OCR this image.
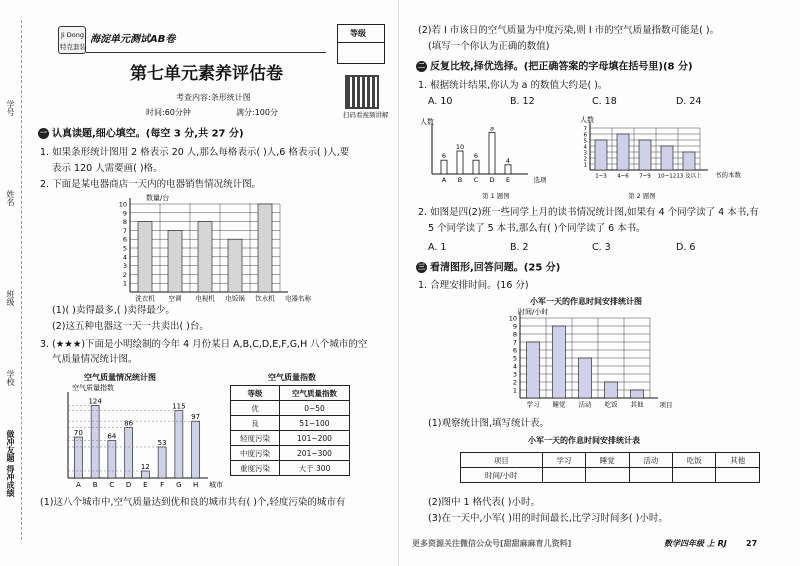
学号
姓名
班级
学校
做冲友题 得冲成绩
Ji Dong
特克套装
海淀单元测试AB卷
等级
第七单元素养评估卷
考查内容:条形统计图
时间:60分钟	满分:100分	扫码看视频讲解
一 认真读题,细心填空。(每空 3 分,共 27 分)
1. 如果条形统计图用 2 格表示 20 人,那么每格表示( )人,6 格表示( )人,要
表示 120 人需要画( )格。
2. 下面是某电器商店一天内的电器销售情况统计图。
数量/台
1
2
3
4
5
6
7
8
9
10
洗衣机 空调 电视机 电饭锅 饮水机 电器名称
(1)( )卖得最多,( )卖得最少。
(2)这五种电器这一天一共卖出( )台。
3. (★★★)下面是小明绘制的今年 4 月份某日 A,B,C,D,E,F,G,H 八个城市的空
气质量情况统计图。
空气质量情况统计图
空气质量指数
70
A
124
B
64
C
86
D
12
E
53
F
115
G
97
H 城市
空气质量指数
等级	空气质量指数
优	0~50
良	51~100
轻度污染	101~200
中度污染	201~300
重度污染	大于 300
(1)这八个城市中,空气质量达到优和良的城市共有( )个,轻度污染的城市有
(2)若 I 市该日的空气质量为中度污染,则 I 市的空气质量指数可能是( )。
(填写一个你认为正确的数值)
二 反复比较,择优选择。(把正确答案的字母填在括号里)(8 分)
1. 根据统计结果,你认为 a 的数值大约是( )。
A. 10	B. 12	C. 18	D. 24
人数
6
A
10
B
6
C
a
D
4
E	选项
人数
1
2
3
4
5
6
7
1~3 4~6 7~9 10~12 13 及以上 书的本数
第 1 题图	第 2 题图
2. 如图是四(2)班一些同学上月的读书情况统计图,如果有 4 个同学读了 4 本书,有
5 个同学读了 5 本书,那么有( )个同学读了 6 本书。
A. 1	B. 2	C. 3	D. 6
三 看清图形,回答问题。(25 分)
1. 合理安排时间。(16 分)
小军一天的作息时间安排统计图
时间/小时
1
2
3
4
5
6
7
8
9
10
学习 睡觉 活动 吃饭 其他 项目
(1)观察统计图,填写统计表。
小军一天的作息时间安排统计表
项目	学习	睡觉	活动	吃饭	其他
时间/小时					
(2)图中 1 格代表( )小时。
(3)在一天中,小军( )用的时间最长,比学习时间多( )小时。
更多资源关注微信公众号[甜甜麻麻育儿资料]	数学四年级 上 RJ 27
